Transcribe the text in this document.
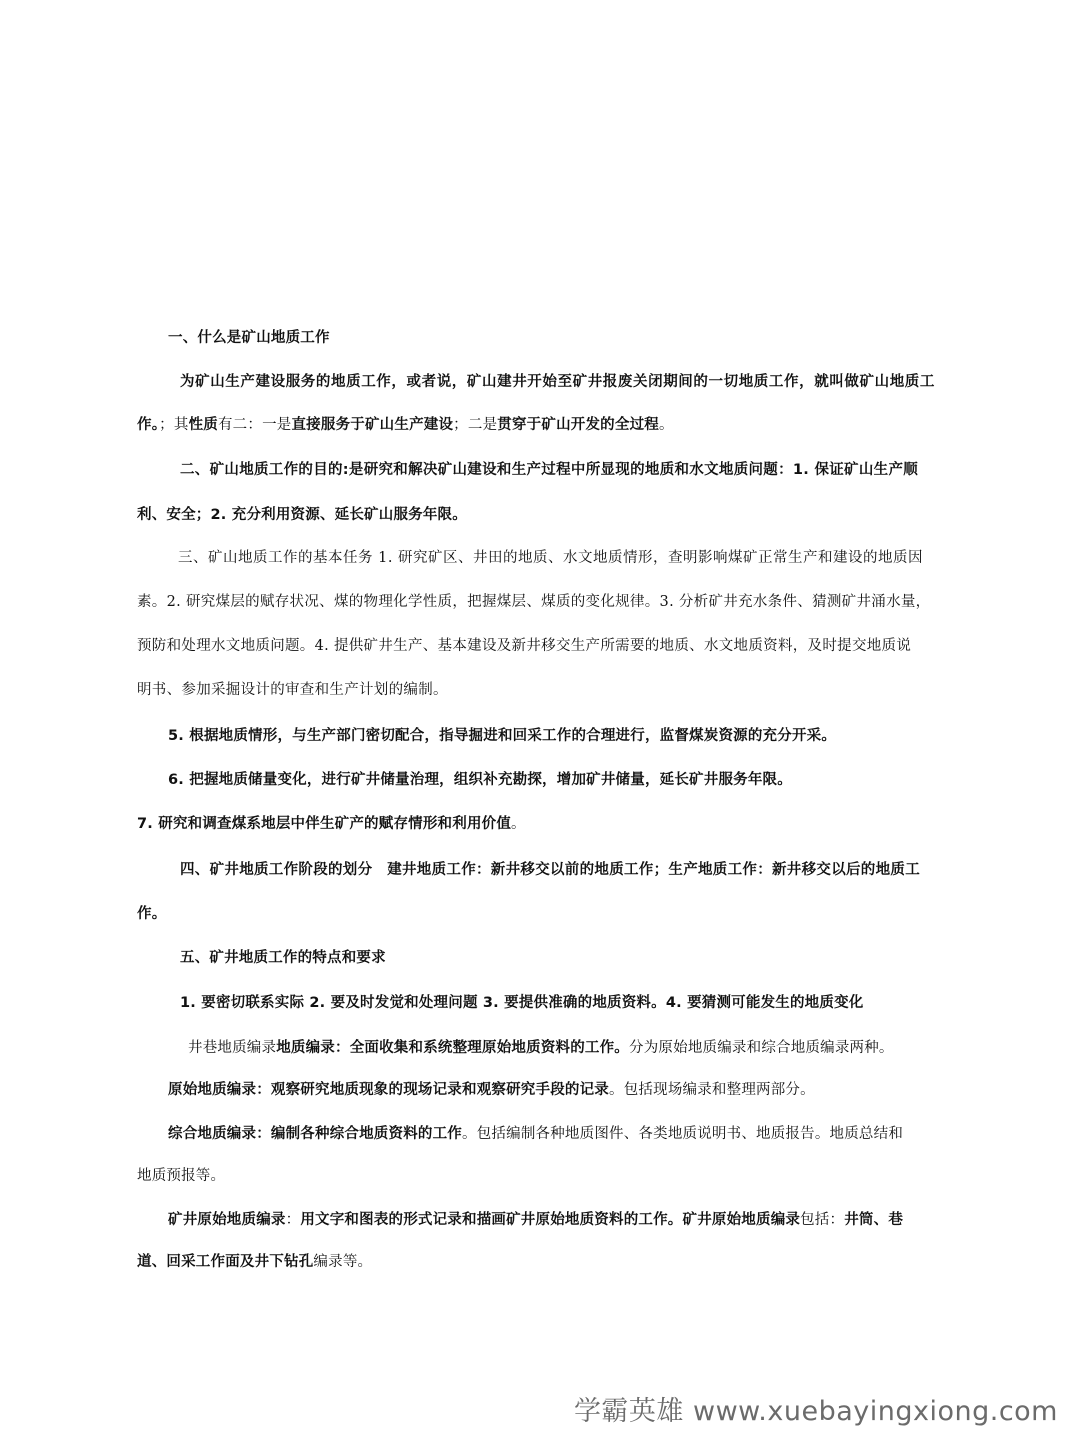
一、什么是矿山地质工作
为矿山生产建设服务的地质工作，或者说，矿山建井开始至矿井报废关闭期间的一切地质工作，就叫做矿山地质工
作。；其性质有二：一是直接服务于矿山生产建设；二是贯穿于矿山开发的全过程。
二、矿山地质工作的目的:是研究和解决矿山建设和生产过程中所显现的地质和水文地质问题：1. 保证矿山生产顺
利、安全；2. 充分利用资源、延长矿山服务年限。
三、矿山地质工作的基本任务 1. 研究矿区、井田的地质、水文地质情形，查明影响煤矿正常生产和建设的地质因
素。2. 研究煤层的赋存状况、煤的物理化学性质，把握煤层、煤质的变化规律。3. 分析矿井充水条件、猜测矿井涌水量，
预防和处理水文地质问题。4. 提供矿井生产、基本建设及新井移交生产所需要的地质、水文地质资料，及时提交地质说
明书、参加采掘设计的审查和生产计划的编制。
5. 根据地质情形，与生产部门密切配合，指导掘进和回采工作的合理进行，监督煤炭资源的充分开采。
6. 把握地质储量变化，进行矿井储量治理，组织补充勘探，增加矿井储量，延长矿井服务年限。
7. 研究和调查煤系地层中伴生矿产的赋存情形和利用价值。
四、矿井地质工作阶段的划分　建井地质工作：新井移交以前的地质工作；生产地质工作：新井移交以后的地质工
作。
五、矿井地质工作的特点和要求
1. 要密切联系实际 2. 要及时发觉和处理问题 3. 要提供准确的地质资料。4. 要猜测可能发生的地质变化
井巷地质编录地质编录：全面收集和系统整理原始地质资料的工作。分为原始地质编录和综合地质编录两种。
原始地质编录：观察研究地质现象的现场记录和观察研究手段的记录。包括现场编录和整理两部分。
综合地质编录：编制各种综合地质资料的工作。包括编制各种地质图件、各类地质说明书、地质报告。地质总结和
地质预报等。
矿井原始地质编录：用文字和图表的形式记录和描画矿井原始地质资料的工作。矿井原始地质编录包括：井筒、巷
道、回采工作面及井下钻孔编录等。
学霸英雄 www.xuebayingxiong.com
